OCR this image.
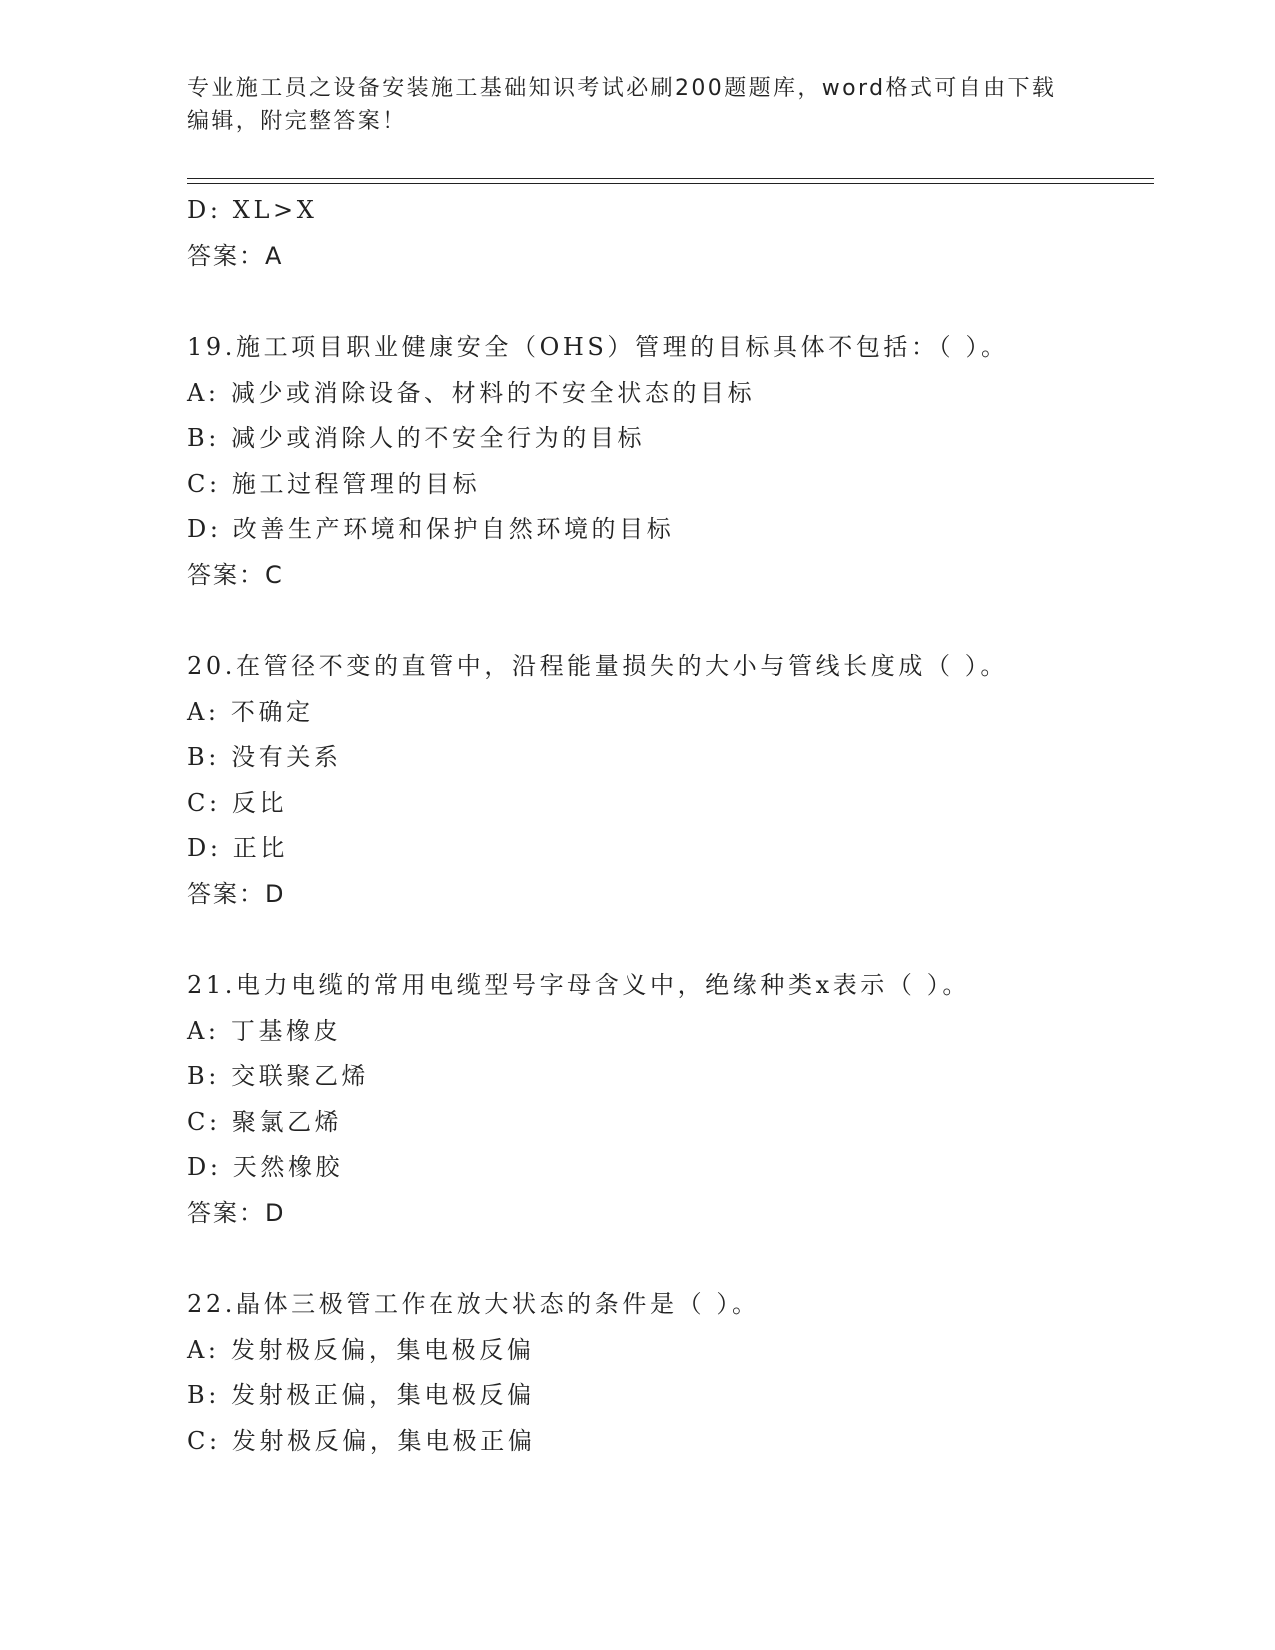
专业施工员之设备安装施工基础知识考试必刷200题题库，word格式可自由下载
编辑，附完整答案！
D: XL>X
答案：A
19.施工项目职业健康安全（OHS）管理的目标具体不包括：（ ）。
A: 减少或消除设备、材料的不安全状态的目标
B: 减少或消除人的不安全行为的目标
C: 施工过程管理的目标
D: 改善生产环境和保护自然环境的目标
答案：C
20.在管径不变的直管中，沿程能量损失的大小与管线长度成（ ）。
A: 不确定
B: 没有关系
C: 反比
D: 正比
答案：D
21.电力电缆的常用电缆型号字母含义中，绝缘种类x表示（ ）。
A: 丁基橡皮
B: 交联聚乙烯
C: 聚氯乙烯
D: 天然橡胶
答案：D
22.晶体三极管工作在放大状态的条件是（ ）。
A: 发射极反偏，集电极反偏
B: 发射极正偏，集电极反偏
C: 发射极反偏，集电极正偏
